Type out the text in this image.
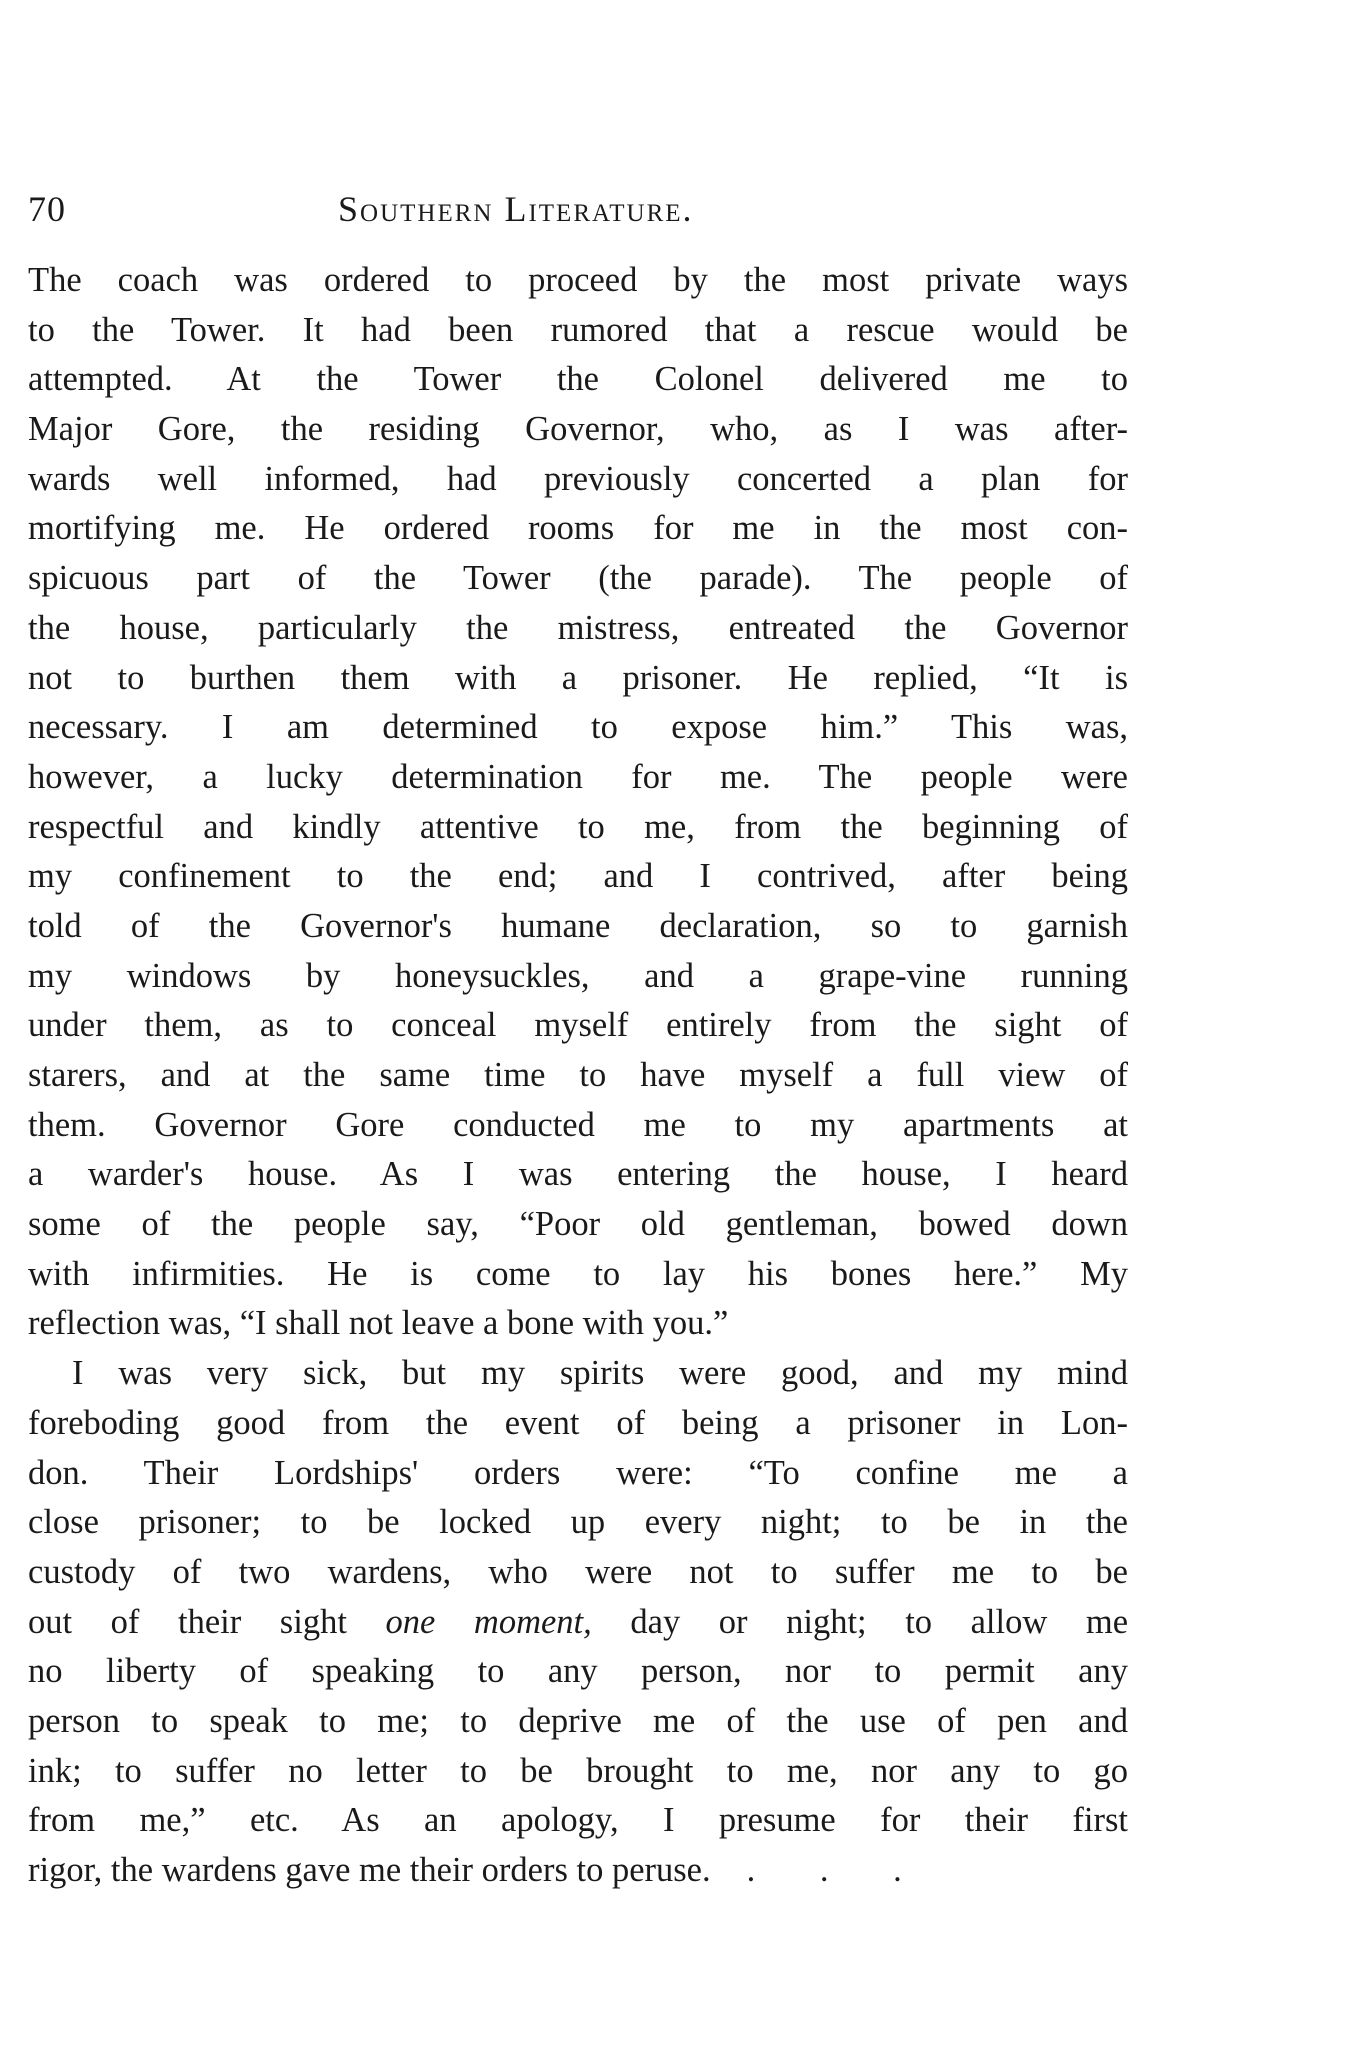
70	Southern Literature.
The coach was ordered to proceed by the most private ways
to the Tower. It had been rumored that a rescue would be
attempted. At the Tower the Colonel delivered me to
Major Gore, the residing Governor, who, as I was after-
wards well informed, had previously concerted a plan for
mortifying me. He ordered rooms for me in the most con-
spicuous part of the Tower (the parade). The people of
the house, particularly the mistress, entreated the Governor
not to burthen them with a prisoner. He replied, “It is
necessary. I am determined to expose him.” This was,
however, a lucky determination for me. The people were
respectful and kindly attentive to me, from the beginning of
my confinement to the end; and I contrived, after being
told of the Governor's humane declaration, so to garnish
my windows by honeysuckles, and a grape-vine running
under them, as to conceal myself entirely from the sight of
starers, and at the same time to have myself a full view of
them. Governor Gore conducted me to my apartments at
a warder's house. As I was entering the house, I heard
some of the people say, “Poor old gentleman, bowed down
with infirmities. He is come to lay his bones here.” My
reflection was, “I shall not leave a bone with you.”
I was very sick, but my spirits were good, and my mind
foreboding good from the event of being a prisoner in Lon-
don. Their Lordships' orders were: “To confine me a
close prisoner; to be locked up every night; to be in the
custody of two wardens, who were not to suffer me to be
out of their sight one moment, day or night; to allow me
no liberty of speaking to any person, nor to permit any
person to speak to me; to deprive me of the use of pen and
ink; to suffer no letter to be brought to me, nor any to go
from me,” etc. As an apology, I presume for their first
rigor, the wardens gave me their orders to peruse. . . .
